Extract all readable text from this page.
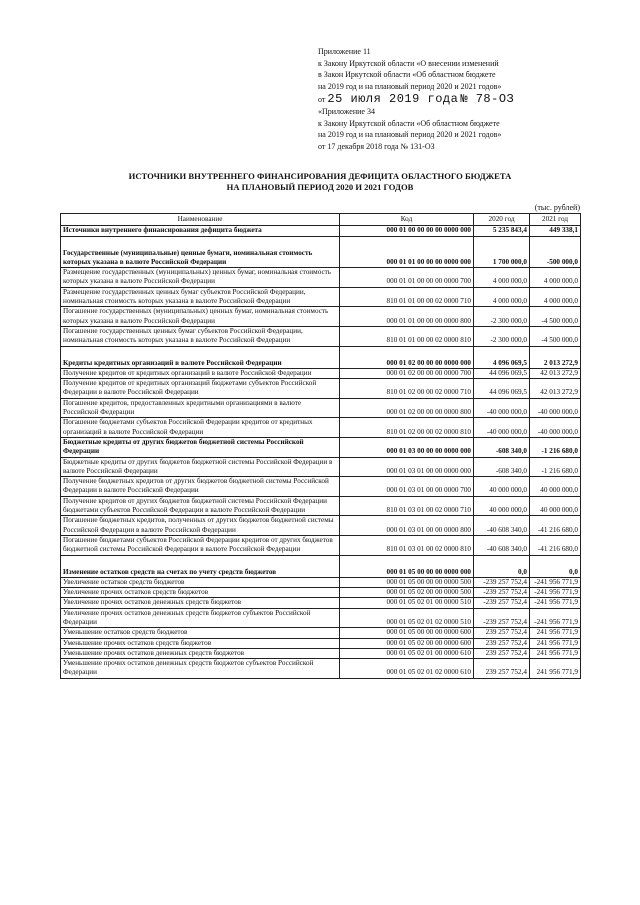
Приложение 11
к Закону Иркутской области «О внесении изменений
в Закон Иркутской области «Об областном бюджете
на 2019 год и на плановый период 2020 и 2021 годов»
от 25 июля 2019 года № 78-ОЗ
«Приложение 34
к Закону Иркутской области «Об областном бюджете
на 2019 год и на плановый период 2020 и 2021 годов»
от 17 декабря 2018 года № 131-ОЗ
ИСТОЧНИКИ ВНУТРЕННЕГО ФИНАНСИРОВАНИЯ ДЕФИЦИТА ОБЛАСТНОГО БЮДЖЕТА
НА ПЛАНОВЫЙ ПЕРИОД 2020 И 2021 ГОДОВ
(тыс. рублей)
Наименование	Код	2020 год	2021 год
Источники внутреннего финансирования дефицита бюджета	000 01 00 00 00 00 0000 000	5 235 843,4	449 338,1
Государственные (муниципальные) ценные бумаги, номинальная стоимость которых указана в валюте Российской Федерации	000 01 01 00 00 00 0000 000	1 700 000,0	-500 000,0
Размещение государственных (муниципальных) ценных бумаг, номинальная стоимость которых указана в валюте Российской Федерации	000 01 01 00 00 00 0000 700	4 000 000,0	4 000 000,0
Размещение государственных ценных бумаг субъектов Российской Федерации, номинальная стоимость которых указана в валюте Российской Федерации	810 01 01 00 00 02 0000 710	4 000 000,0	4 000 000,0
Погашение государственных (муниципальных) ценных бумаг, номинальная стоимость которых указана в валюте Российской Федерации	000 01 01 00 00 00 0000 800	-2 300 000,0	-4 500 000,0
Погашение государственных ценных бумаг субъектов Российской Федерации, номинальная стоимость которых указана в валюте Российской Федерации	810 01 01 00 00 02 0000 810	-2 300 000,0	-4 500 000,0
Кредиты кредитных организаций в валюте Российской Федерации	000 01 02 00 00 00 0000 000	4 096 069,5	2 013 272,9
Получение кредитов от кредитных организаций в валюте Российской Федерации	000 01 02 00 00 00 0000 700	44 096 069,5	42 013 272,9
Получение кредитов от кредитных организаций бюджетами субъектов Российской Федерации в валюте Российской Федерации	810 01 02 00 00 02 0000 710	44 096 069,5	42 013 272,9
Погашение кредитов, предоставленных кредитными организациями в валюте Российской Федерации	000 01 02 00 00 00 0000 800	-40 000 000,0	-40 000 000,0
Погашение бюджетами субъектов Российской Федерации кредитов от кредитных организаций в валюте Российской Федерации	810 01 02 00 00 02 0000 810	-40 000 000,0	-40 000 000,0
Бюджетные кредиты от других бюджетов бюджетной системы Российской Федерации	000 01 03 00 00 00 0000 000	-608 340,0	-1 216 680,0
Бюджетные кредиты от других бюджетов бюджетной системы Российской Федерации в валюте Российской Федерации	000 01 03 01 00 00 0000 000	-608 340,0	-1 216 680,0
Получение бюджетных кредитов от других бюджетов бюджетной системы Российской Федерации в валюте Российской Федерации	000 01 03 01 00 00 0000 700	40 000 000,0	40 000 000,0
Получение кредитов от других бюджетов бюджетной системы Российской Федерации бюджетами субъектов Российской Федерации в валюте Российской Федерации	810 01 03 01 00 02 0000 710	40 000 000,0	40 000 000,0
Погашение бюджетных кредитов, полученных от других бюджетов бюджетной системы Российской Федерации в валюте Российской Федерации	000 01 03 01 00 00 0000 800	-40 608 340,0	-41 216 680,0
Погашение бюджетами субъектов Российской Федерации кредитов от других бюджетов бюджетной системы Российской Федерации в валюте Российской Федерации	810 01 03 01 00 02 0000 810	-40 608 340,0	-41 216 680,0
Изменение остатков средств на счетах по учету средств бюджетов	000 01 05 00 00 00 0000 000	0,0	0,0
Увеличение остатков средств бюджетов	000 01 05 00 00 00 0000 500	-239 257 752,4	-241 956 771,9
Увеличение прочих остатков средств бюджетов	000 01 05 02 00 00 0000 500	-239 257 752,4	-241 956 771,9
Увеличение прочих остатков денежных средств бюджетов	000 01 05 02 01 00 0000 510	-239 257 752,4	-241 956 771,9
Увеличение прочих остатков денежных средств бюджетов субъектов Российской Федерации	000 01 05 02 01 02 0000 510	-239 257 752,4	-241 956 771,9
Уменьшение остатков средств бюджетов	000 01 05 00 00 00 0000 600	239 257 752,4	241 956 771,9
Уменьшение прочих остатков средств бюджетов	000 01 05 02 00 00 0000 600	239 257 752,4	241 956 771,9
Уменьшение прочих остатков денежных средств бюджетов	000 01 05 02 01 00 0000 610	239 257 752,4	241 956 771,9
Уменьшение прочих остатков денежных средств бюджетов субъектов Российской Федерации	000 01 05 02 01 02 0000 610	239 257 752,4	241 956 771,9
